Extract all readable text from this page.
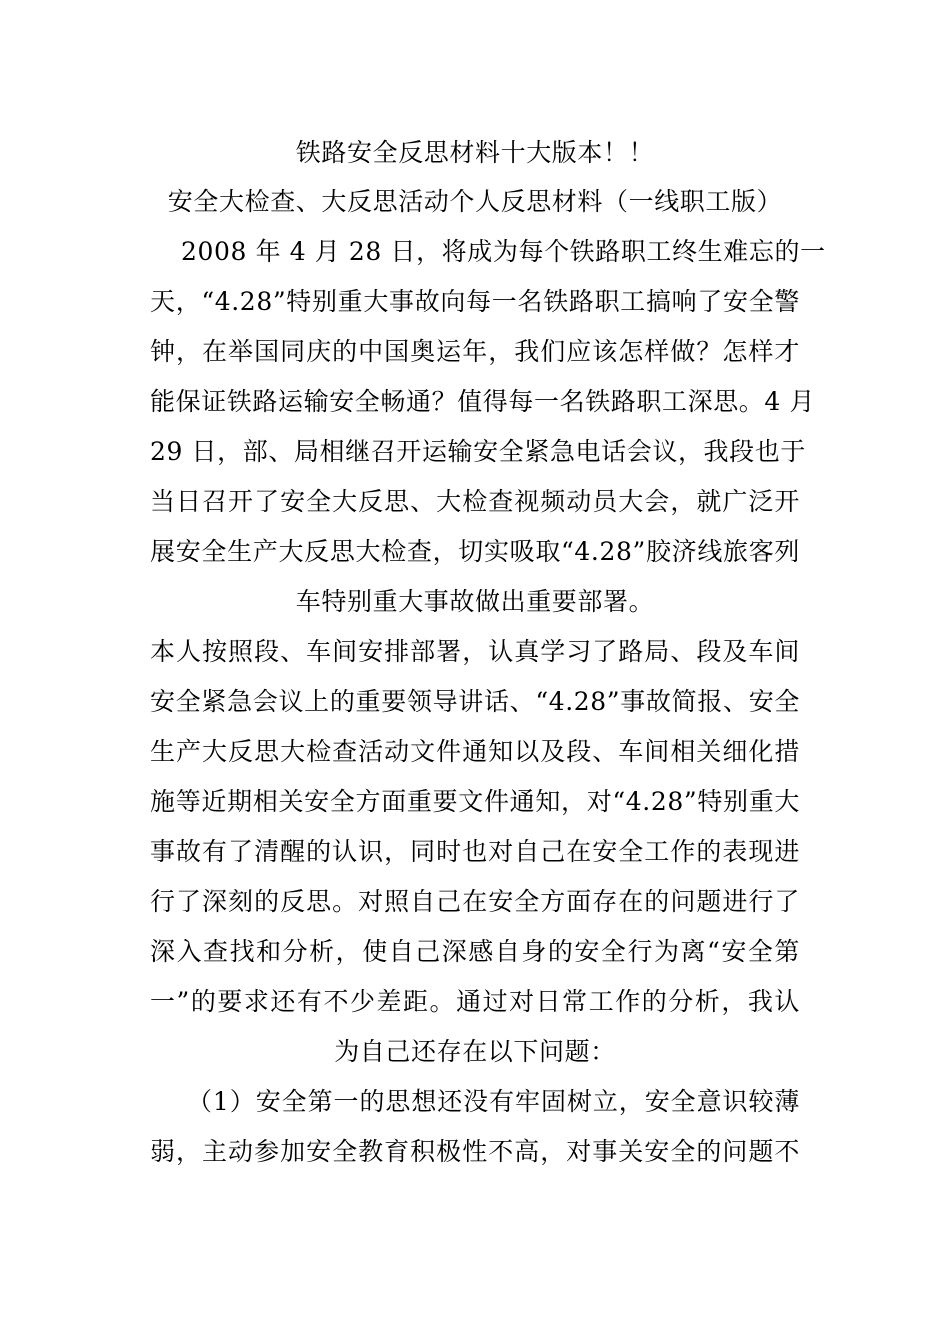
铁路安全反思材料十大版本！！
安全大检查、大反思活动个人反思材料（一线职工版）
2008 年 4 月 28 日，将成为每个铁路职工终生难忘的一
天，“4.28”特别重大事故向每一名铁路职工搞响了安全警
钟，在举国同庆的中国奥运年，我们应该怎样做？怎样才
能保证铁路运输安全畅通？值得每一名铁路职工深思。4 月
29 日，部、局相继召开运输安全紧急电话会议，我段也于
当日召开了安全大反思、大检查视频动员大会，就广泛开
展安全生产大反思大检查，切实吸取“4.28”胶济线旅客列
车特别重大事故做出重要部署。
本人按照段、车间安排部署，认真学习了路局、段及车间
安全紧急会议上的重要领导讲话、“4.28”事故简报、安全
生产大反思大检查活动文件通知以及段、车间相关细化措
施等近期相关安全方面重要文件通知，对“4.28”特别重大
事故有了清醒的认识，同时也对自己在安全工作的表现进
行了深刻的反思。对照自己在安全方面存在的问题进行了
深入查找和分析，使自己深感自身的安全行为离“安全第
一”的要求还有不少差距。通过对日常工作的分析，我认
为自己还存在以下问题：
（1）安全第一的思想还没有牢固树立，安全意识较薄
弱，主动参加安全教育积极性不高，对事关安全的问题不
